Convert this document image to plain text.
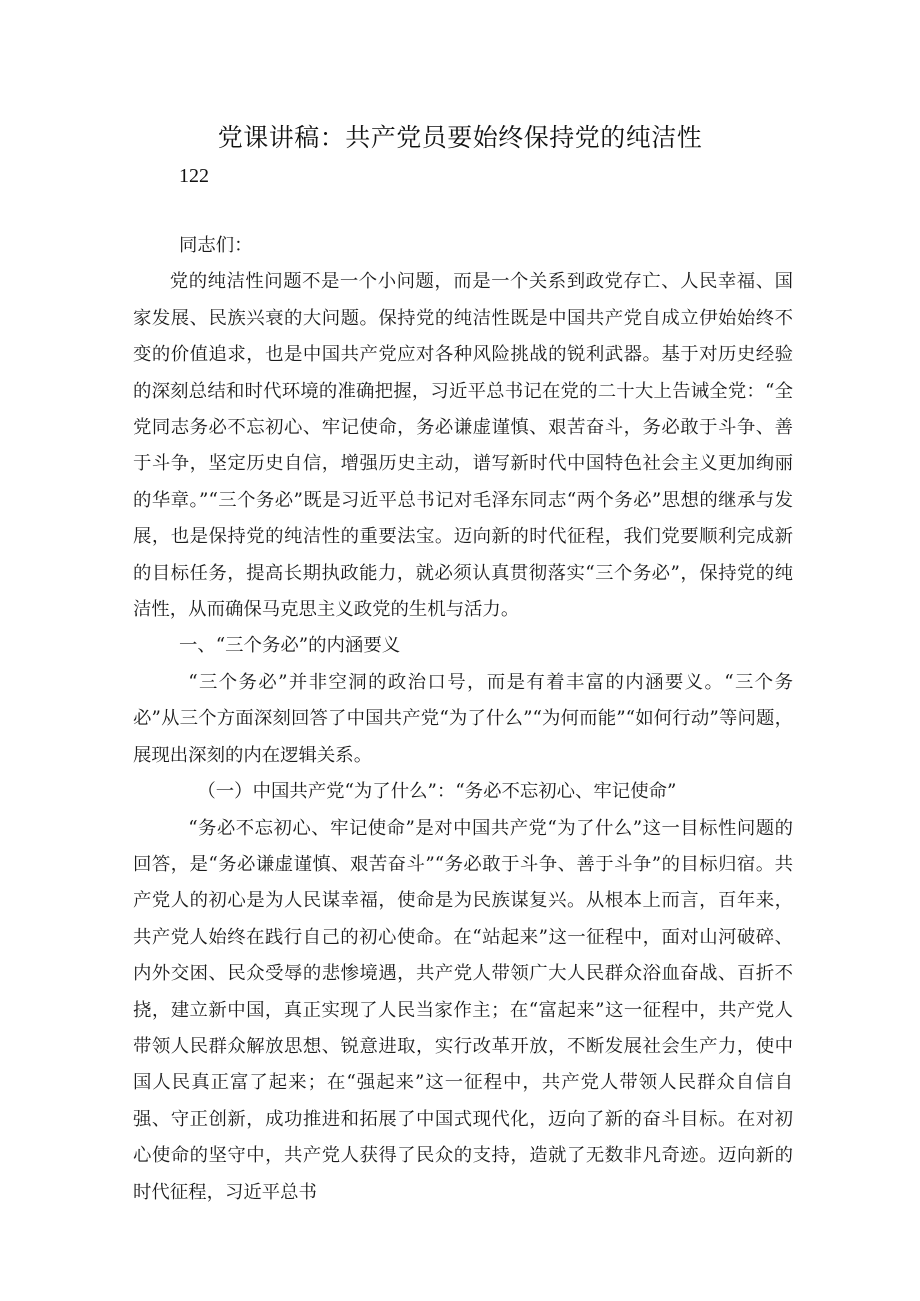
党课讲稿：共产党员要始终保持党的纯洁性
122

同志们：

党的纯洁性问题不是一个小问题，而是一个关系到政党存亡、人民幸福、国家发展、民族兴衰的大问题。保持党的纯洁性既是中国共产党自成立伊始始终不变的价值追求，也是中国共产党应对各种风险挑战的锐利武器。基于对历史经验的深刻总结和时代环境的准确把握，习近平总书记在党的二十大上告诫全党：“全党同志务必不忘初心、牢记使命，务必谦虚谨慎、艰苦奋斗，务必敢于斗争、善于斗争，坚定历史自信，增强历史主动，谱写新时代中国特色社会主义更加绚丽的华章。”“三个务必”既是习近平总书记对毛泽东同志“两个务必”思想的继承与发展，也是保持党的纯洁性的重要法宝。迈向新的时代征程，我们党要顺利完成新的目标任务，提高长期执政能力，就必须认真贯彻落实“三个务必”，保持党的纯洁性，从而确保马克思主义政党的生机与活力。

一、“三个务必”的内涵要义

“三个务必”并非空洞的政治口号，而是有着丰富的内涵要义。“三个务必”从三个方面深刻回答了中国共产党“为了什么”“为何而能”“如何行动”等问题，展现出深刻的内在逻辑关系。

（一）中国共产党“为了什么”：“务必不忘初心、牢记使命”

“务必不忘初心、牢记使命”是对中国共产党“为了什么”这一目标性问题的回答，是“务必谦虚谨慎、艰苦奋斗”“务必敢于斗争、善于斗争”的目标归宿。共产党人的初心是为人民谋幸福，使命是为民族谋复兴。从根本上而言，百年来，共产党人始终在践行自己的初心使命。在“站起来”这一征程中，面对山河破碎、内外交困、民众受辱的悲惨境遇，共产党人带领广大人民群众浴血奋战、百折不挠，建立新中国，真正实现了人民当家作主；在“富起来”这一征程中，共产党人带领人民群众解放思想、锐意进取，实行改革开放，不断发展社会生产力，使中国人民真正富了起来；在“强起来”这一征程中，共产党人带领人民群众自信自强、守正创新，成功推进和拓展了中国式现代化，迈向了新的奋斗目标。在对初心使命的坚守中，共产党人获得了民众的支持，造就了无数非凡奇迹。迈向新的时代征程，习近平总书
